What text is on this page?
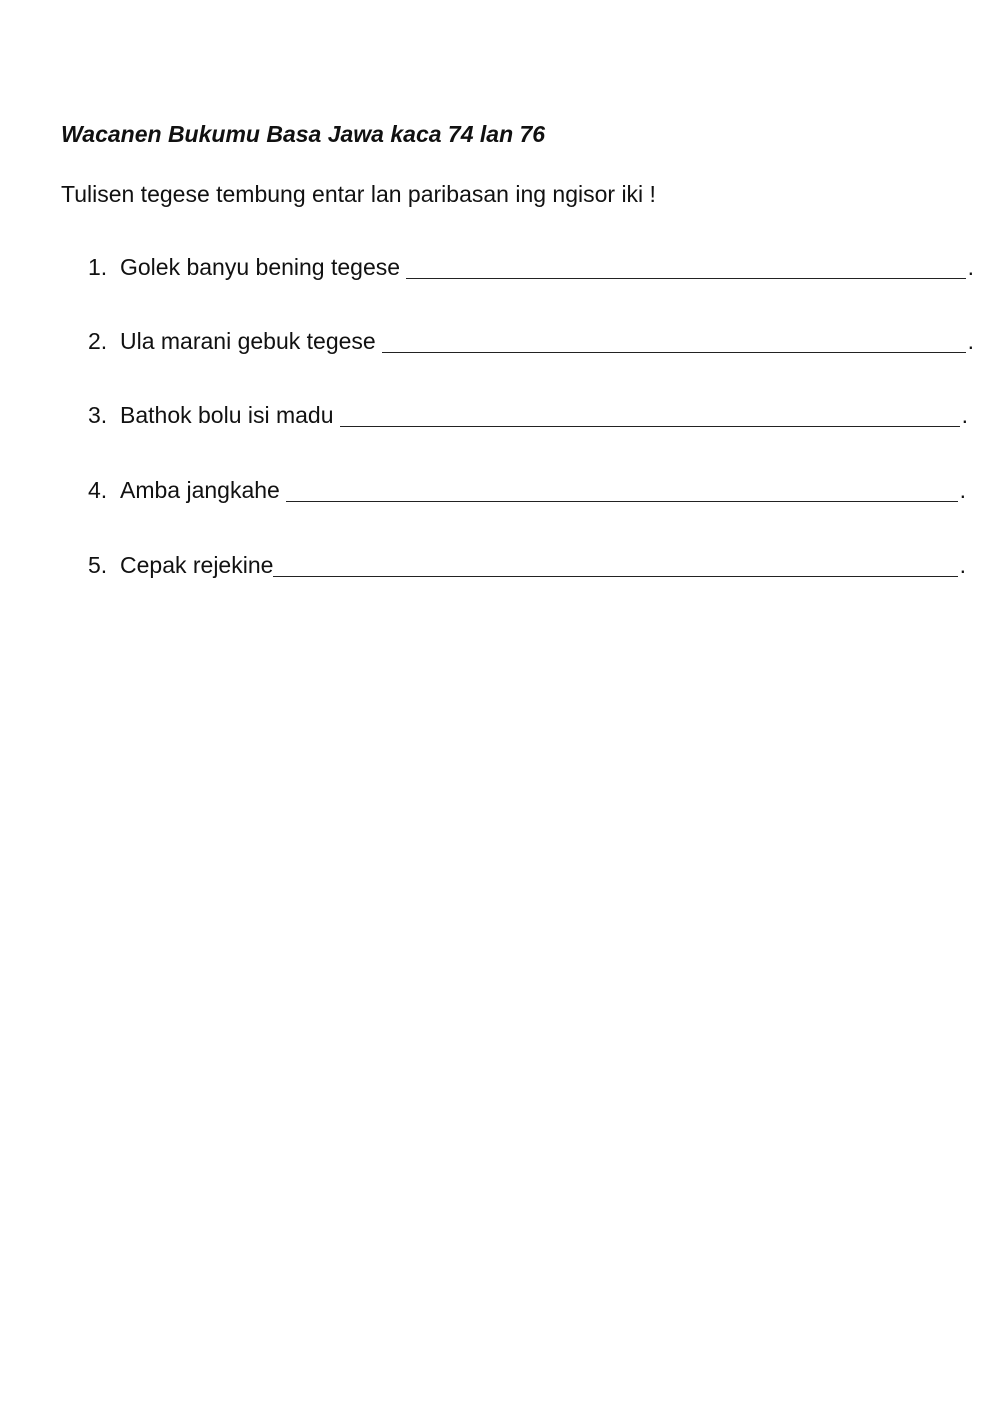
Wacanen Bukumu Basa Jawa kaca 74 lan 76
Tulisen tegese tembung entar lan paribasan ing ngisor iki !
1. Golek banyu bening tegese	.
2. Ula marani gebuk tegese	.
3. Bathok bolu isi madu	.
4. Amba jangkahe	.
5. Cepak rejekine	.
